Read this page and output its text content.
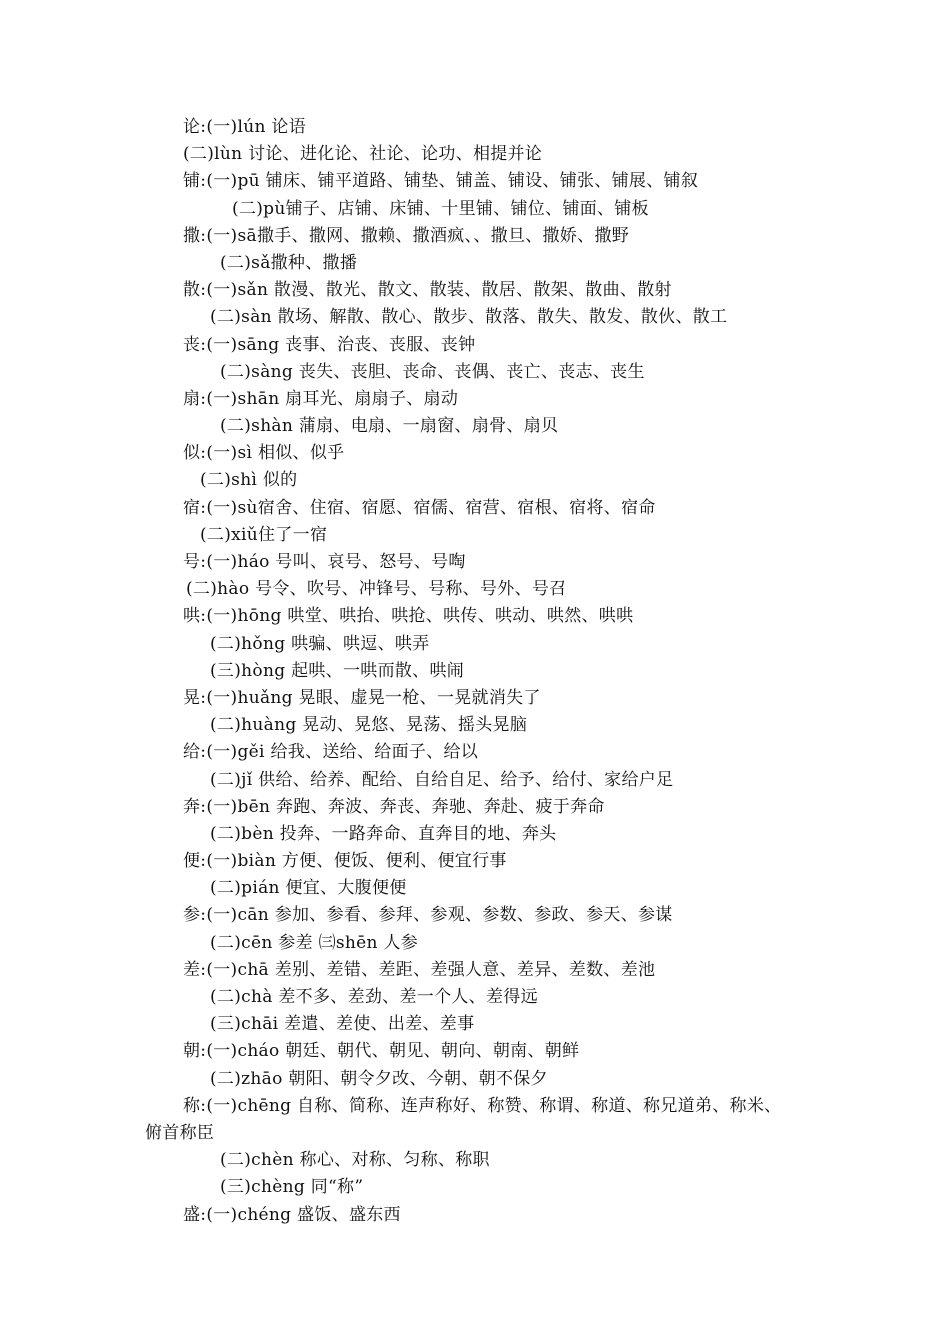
论:(一)lún 论语
(二)lùn 讨论、进化论、社论、论功、相提并论
铺:(一)pū 铺床、铺平道路、铺垫、铺盖、铺设、铺张、铺展、铺叙
(二)pù铺子、店铺、床铺、十里铺、铺位、铺面、铺板
撒:(一)sā撒手、撒网、撒赖、撒酒疯、、撒旦、撒娇、撒野
(二)sǎ撒种、撒播
散:(一)sǎn 散漫、散光、散文、散装、散居、散架、散曲、散射
(二)sàn 散场、解散、散心、散步、散落、散失、散发、散伙、散工
丧:(一)sāng 丧事、治丧、丧服、丧钟
(二)sàng 丧失、丧胆、丧命、丧偶、丧亡、丧志、丧生
扇:(一)shān 扇耳光、扇扇子、扇动
(二)shàn 蒲扇、电扇、一扇窗、扇骨、扇贝
似:(一)sì 相似、似乎
(二)shì 似的
宿:(一)sù宿舍、住宿、宿愿、宿儒、宿营、宿根、宿将、宿命
(二)xiǔ住了一宿
号:(一)háo 号叫、哀号、怒号、号啕
(二)hào 号令、吹号、冲锋号、号称、号外、号召
哄:(一)hōng 哄堂、哄抬、哄抢、哄传、哄动、哄然、哄哄
(二)hǒng 哄骗、哄逗、哄弄
(三)hòng 起哄、一哄而散、哄闹
晃:(一)huǎng 晃眼、虚晃一枪、一晃就消失了
(二)huàng 晃动、晃悠、晃荡、摇头晃脑
给:(一)gěi 给我、送给、给面子、给以
(二)jǐ 供给、给养、配给、自给自足、给予、给付、家给户足
奔:(一)bēn 奔跑、奔波、奔丧、奔驰、奔赴、疲于奔命
(二)bèn 投奔、一路奔命、直奔目的地、奔头
便:(一)biàn 方便、便饭、便利、便宜行事
(二)pián 便宜、大腹便便
参:(一)cān 参加、参看、参拜、参观、参数、参政、参天、参谋
(二)cēn 参差 ㈢shēn 人参
差:(一)chā 差别、差错、差距、差强人意、差异、差数、差池
(二)chà 差不多、差劲、差一个人、差得远
(三)chāi 差遣、差使、出差、差事
朝:(一)cháo 朝廷、朝代、朝见、朝向、朝南、朝鲜
(二)zhāo 朝阳、朝令夕改、今朝、朝不保夕
称:(一)chēng 自称、简称、连声称好、称赞、称谓、称道、称兄道弟、称米、
俯首称臣
(二)chèn 称心、对称、匀称、称职
(三)chèng 同“称”
盛:(一)chéng 盛饭、盛东西
